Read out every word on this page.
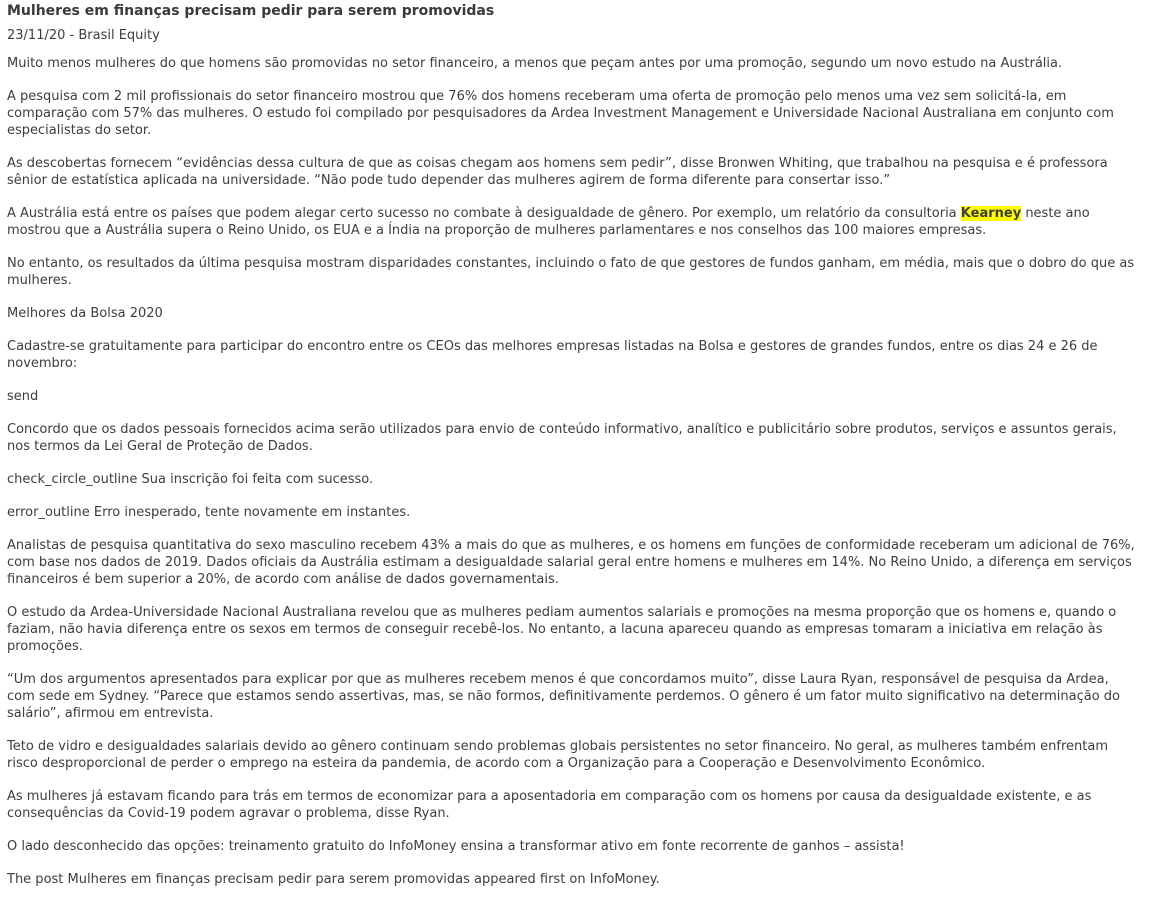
Mulheres em finanças precisam pedir para serem promovidas
23/11/20 - Brasil Equity

Muito menos mulheres do que homens são promovidas no setor financeiro, a menos que peçam antes por uma promoção, segundo um novo estudo na Austrália.

A pesquisa com 2 mil profissionais do setor financeiro mostrou que 76% dos homens receberam uma oferta de promoção pelo menos uma vez sem solicitá-la, em comparação com 57% das mulheres. O estudo foi compilado por pesquisadores da Ardea Investment Management e Universidade Nacional Australiana em conjunto com especialistas do setor.

As descobertas fornecem “evidências dessa cultura de que as coisas chegam aos homens sem pedir”, disse Bronwen Whiting, que trabalhou na pesquisa e é professora sênior de estatística aplicada na universidade. “Não pode tudo depender das mulheres agirem de forma diferente para consertar isso.”

A Austrália está entre os países que podem alegar certo sucesso no combate à desigualdade de gênero. Por exemplo, um relatório da consultoria Kearney neste ano mostrou que a Austrália supera o Reino Unido, os EUA e a Índia na proporção de mulheres parlamentares e nos conselhos das 100 maiores empresas.

No entanto, os resultados da última pesquisa mostram disparidades constantes, incluindo o fato de que gestores de fundos ganham, em média, mais que o dobro do que as mulheres.

Melhores da Bolsa 2020

Cadastre-se gratuitamente para participar do encontro entre os CEOs das melhores empresas listadas na Bolsa e gestores de grandes fundos, entre os dias 24 e 26 de novembro:

send

Concordo que os dados pessoais fornecidos acima serão utilizados para envio de conteúdo informativo, analítico e publicitário sobre produtos, serviços e assuntos gerais, nos termos da Lei Geral de Proteção de Dados.

check_circle_outline Sua inscrição foi feita com sucesso.

error_outline Erro inesperado, tente novamente em instantes.

Analistas de pesquisa quantitativa do sexo masculino recebem 43% a mais do que as mulheres, e os homens em funções de conformidade receberam um adicional de 76%, com base nos dados de 2019. Dados oficiais da Austrália estimam a desigualdade salarial geral entre homens e mulheres em 14%. No Reino Unido, a diferença em serviços financeiros é bem superior a 20%, de acordo com análise de dados governamentais.

O estudo da Ardea-Universidade Nacional Australiana revelou que as mulheres pediam aumentos salariais e promoções na mesma proporção que os homens e, quando o faziam, não havia diferença entre os sexos em termos de conseguir recebê-los. No entanto, a lacuna apareceu quando as empresas tomaram a iniciativa em relação às promoções.

“Um dos argumentos apresentados para explicar por que as mulheres recebem menos é que concordamos muito”, disse Laura Ryan, responsável de pesquisa da Ardea, com sede em Sydney. “Parece que estamos sendo assertivas, mas, se não formos, definitivamente perdemos. O gênero é um fator muito significativo na determinação do salário”, afirmou em entrevista.

Teto de vidro e desigualdades salariais devido ao gênero continuam sendo problemas globais persistentes no setor financeiro. No geral, as mulheres também enfrentam risco desproporcional de perder o emprego na esteira da pandemia, de acordo com a Organização para a Cooperação e Desenvolvimento Econômico.

As mulheres já estavam ficando para trás em termos de economizar para a aposentadoria em comparação com os homens por causa da desigualdade existente, e as consequências da Covid-19 podem agravar o problema, disse Ryan.

O lado desconhecido das opções: treinamento gratuito do InfoMoney ensina a transformar ativo em fonte recorrente de ganhos – assista!

The post Mulheres em finanças precisam pedir para serem promovidas appeared first on InfoMoney.
